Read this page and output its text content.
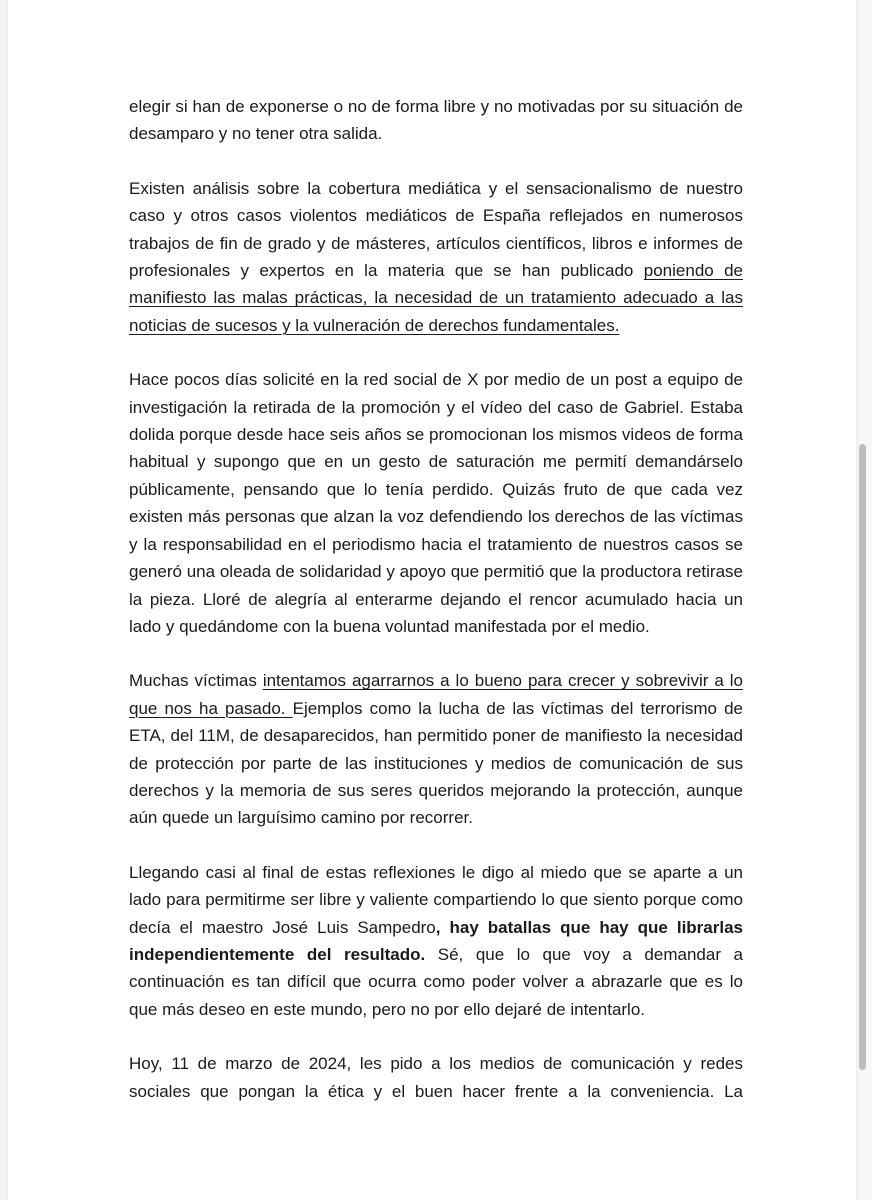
elegir si han de exponerse o no de forma libre y no motivadas por su situación de desamparo y no tener otra salida.

Existen análisis sobre la cobertura mediática y el sensacionalismo de nuestro caso y otros casos violentos mediáticos de España reflejados en numerosos trabajos de fin de grado y de másteres, artículos científicos, libros e informes de profesionales y expertos en la materia que se han publicado poniendo de manifiesto las malas prácticas, la necesidad de un tratamiento adecuado a las noticias de sucesos y la vulneración de derechos fundamentales.

Hace pocos días solicité en la red social de X por medio de un post a equipo de investigación la retirada de la promoción y el vídeo del caso de Gabriel. Estaba dolida porque desde hace seis años se promocionan los mismos videos de forma habitual y supongo que en un gesto de saturación me permití demandárselo públicamente, pensando que lo tenía perdido. Quizás fruto de que cada vez existen más personas que alzan la voz defendiendo los derechos de las víctimas y la responsabilidad en el periodismo hacia el tratamiento de nuestros casos se generó una oleada de solidaridad y apoyo que permitió que la productora retirase la pieza. Lloré de alegría al enterarme dejando el rencor acumulado hacia un lado y quedándome con la buena voluntad manifestada por el medio.

Muchas víctimas intentamos agarrarnos a lo bueno para crecer y sobrevivir a lo que nos ha pasado. Ejemplos como la lucha de las víctimas del terrorismo de ETA, del 11M, de desaparecidos, han permitido poner de manifiesto la necesidad de protección por parte de las instituciones y medios de comunicación de sus derechos y la memoria de sus seres queridos mejorando la protección, aunque aún quede un larguísimo camino por recorrer.

Llegando casi al final de estas reflexiones le digo al miedo que se aparte a un lado para permitirme ser libre y valiente compartiendo lo que siento porque como decía el maestro José Luis Sampedro, hay batallas que hay que librarlas independientemente del resultado. Sé, que lo que voy a demandar a continuación es tan difícil que ocurra como poder volver a abrazarle que es lo que más deseo en este mundo, pero no por ello dejaré de intentarlo.

Hoy, 11 de marzo de 2024, les pido a los medios de comunicación y redes sociales que pongan la ética y el buen hacer frente a la conveniencia. La
